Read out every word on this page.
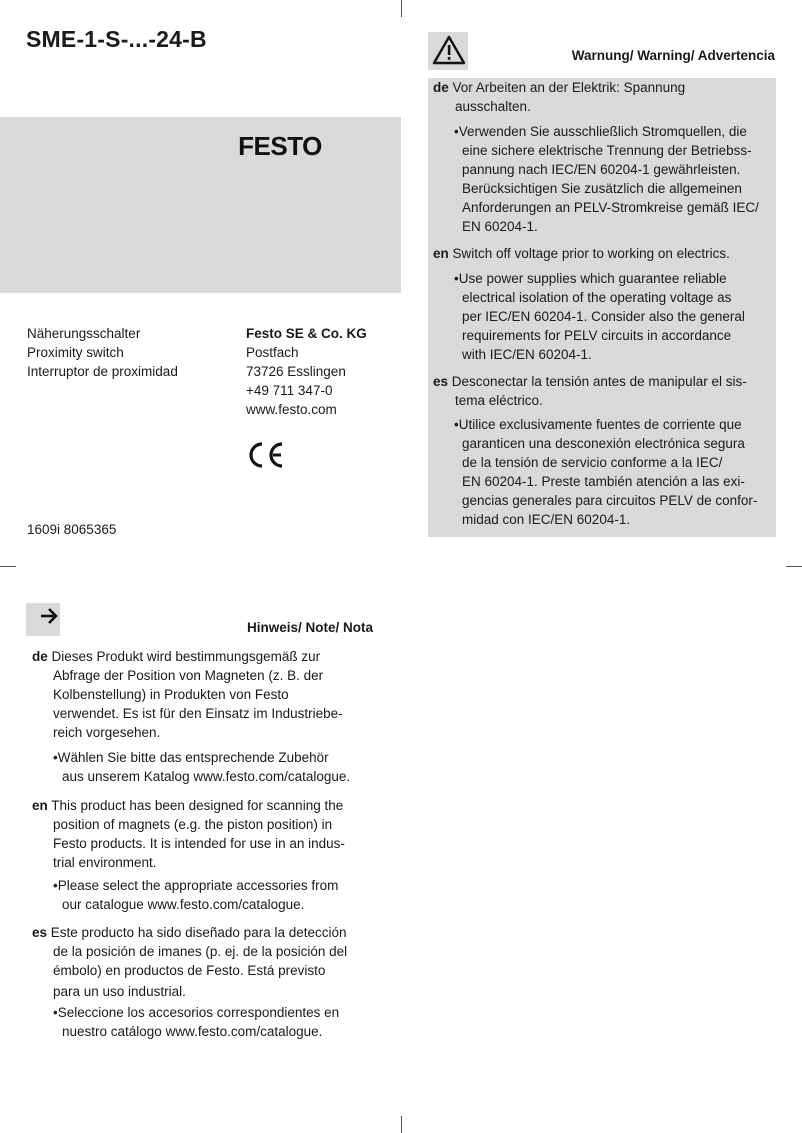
SME-1-S-...-24-B
FESTO
Näherungsschalter
Proximity switch
Interruptor de proximidad
Festo SE & Co. KG
Postfach
73726 Esslingen
+49 711 347-0
www.festo.com
1609i 8065365
Warnung/ Warning/ Advertencia
de Vor Arbeiten an der Elektrik: Spannung
ausschalten.
•Verwenden Sie ausschließlich Stromquellen, die
eine sichere elektrische Trennung der Betriebss-
pannung nach IEC/EN 60204-1 gewährleisten.
Berücksichtigen Sie zusätzlich die allgemeinen
Anforderungen an PELV-Stromkreise gemäß IEC/
EN 60204-1.
en Switch off voltage prior to working on electrics.
•Use power supplies which guarantee reliable
electrical isolation of the operating voltage as
per IEC/EN 60204-1. Consider also the general
requirements for PELV circuits in accordance
with IEC/EN 60204-1.
es Desconectar la tensión antes de manipular el sis-
tema eléctrico.
•Utilice exclusivamente fuentes de corriente que
garanticen una desconexión electrónica segura
de la tensión de servicio conforme a la IEC/
EN 60204-1. Preste también atención a las exi-
gencias generales para circuitos PELV de confor-
midad con IEC/EN 60204-1.
Hinweis/ Note/ Nota
de Dieses Produkt wird bestimmungsgemäß zur
Abfrage der Position von Magneten (z. B. der
Kolbenstellung) in Produkten von Festo
verwendet. Es ist für den Einsatz im Industriebe-
reich vorgesehen.
•Wählen Sie bitte das entsprechende Zubehör
aus unserem Katalog www.festo.com/catalogue.
en This product has been designed for scanning the
position of magnets (e.g. the piston position) in
Festo products. It is intended for use in an indus-
trial environment.
•Please select the appropriate accessories from
our catalogue www.festo.com/catalogue.
es Este producto ha sido diseñado para la detección
de la posición de imanes (p. ej. de la posición del
émbolo) en productos de Festo. Está previsto
para un uso industrial.
•Seleccione los accesorios correspondientes en
nuestro catálogo www.festo.com/catalogue.
